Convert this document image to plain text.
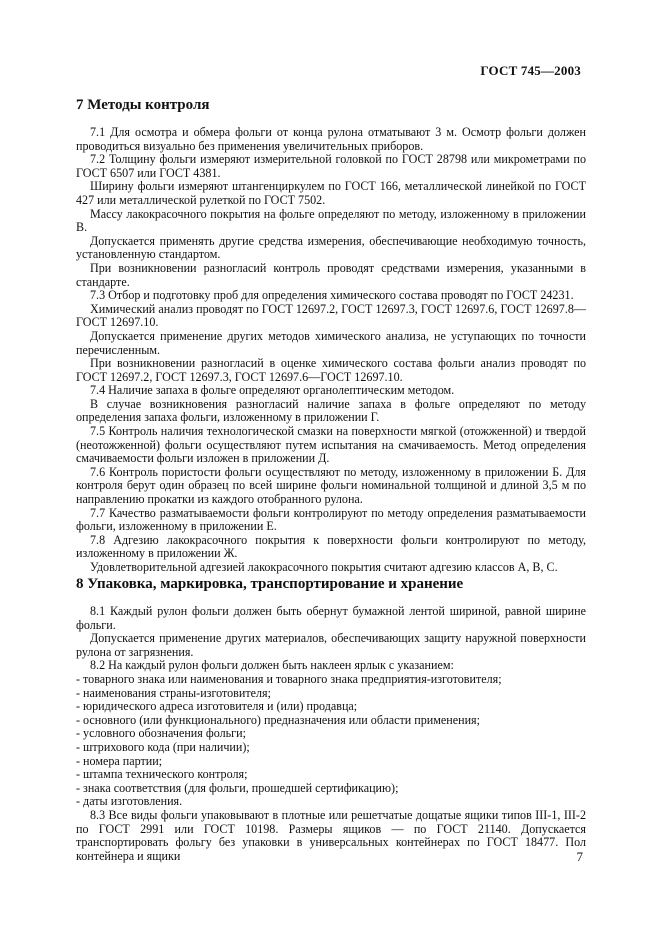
ГОСТ 745—2003
7 Методы контроля

7.1 Для осмотра и обмера фольги от конца рулона отматывают 3 м. Осмотр фольги должен проводиться визуально без применения увеличительных приборов.

7.2 Толщину фольги измеряют измерительной головкой по ГОСТ 28798 или микрометрами по ГОСТ 6507 или ГОСТ 4381.

Ширину фольги измеряют штангенциркулем по ГОСТ 166, металлической линейкой по ГОСТ 427 или металлической рулеткой по ГОСТ 7502.

Массу лакокрасочного покрытия на фольге определяют по методу, изложенному в приложении В.

Допускается применять другие средства измерения, обеспечивающие необходимую точность, установленную стандартом.

При возникновении разногласий контроль проводят средствами измерения, указанными в стандарте.

7.3 Отбор и подготовку проб для определения химического состава проводят по ГОСТ 24231.

Химический анализ проводят по ГОСТ 12697.2, ГОСТ 12697.3, ГОСТ 12697.6, ГОСТ 12697.8—ГОСТ 12697.10.

Допускается применение других методов химического анализа, не уступающих по точности перечисленным.

При возникновении разногласий в оценке химического состава фольги анализ проводят по ГОСТ 12697.2, ГОСТ 12697.3, ГОСТ 12697.6—ГОСТ 12697.10.

7.4 Наличие запаха в фольге определяют органолептическим методом.

В случае возникновения разногласий наличие запаха в фольге определяют по методу определения запаха фольги, изложенному в приложении Г.

7.5 Контроль наличия технологической смазки на поверхности мягкой (отожженной) и твердой (неотожженной) фольги осуществляют путем испытания на смачиваемость. Метод определения смачиваемости фольги изложен в приложении Д.

7.6 Контроль пористости фольги осуществляют по методу, изложенному в приложении Б. Для контроля берут один образец по всей ширине фольги номинальной толщиной и длиной 3,5 м по направлению прокатки из каждого отобранного рулона.

7.7 Качество разматываемости фольги контролируют по методу определения разматываемости фольги, изложенному в приложении Е.

7.8 Адгезию лакокрасочного покрытия к поверхности фольги контролируют по методу, изложенному в приложении Ж.

Удовлетворительной адгезией лакокрасочного покрытия считают адгезию классов А, В, С.

8 Упаковка, маркировка, транспортирование и хранение

8.1 Каждый рулон фольги должен быть обернут бумажной лентой шириной, равной ширине фольги.

Допускается применение других материалов, обеспечивающих защиту наружной поверхности рулона от загрязнения.

8.2 На каждый рулон фольги должен быть наклеен ярлык с указанием:

- товарного знака или наименования и товарного знака предприятия-изготовителя;

- наименования страны-изготовителя;

- юридического адреса изготовителя и (или) продавца;

- основного (или функционального) предназначения или области применения;

- условного обозначения фольги;

- штрихового кода (при наличии);

- номера партии;

- штампа технического контроля;

- знака соответствия (для фольги, прошедшей сертификацию);

- даты изготовления.

8.3 Все виды фольги упаковывают в плотные или решетчатые дощатые ящики типов III-1, III-2 по ГОСТ 2991 или ГОСТ 10198. Размеры ящиков — по ГОСТ 21140. Допускается транспортировать фольгу без упаковки в универсальных контейнерах по ГОСТ 18477. Пол контейнера и ящики	7
